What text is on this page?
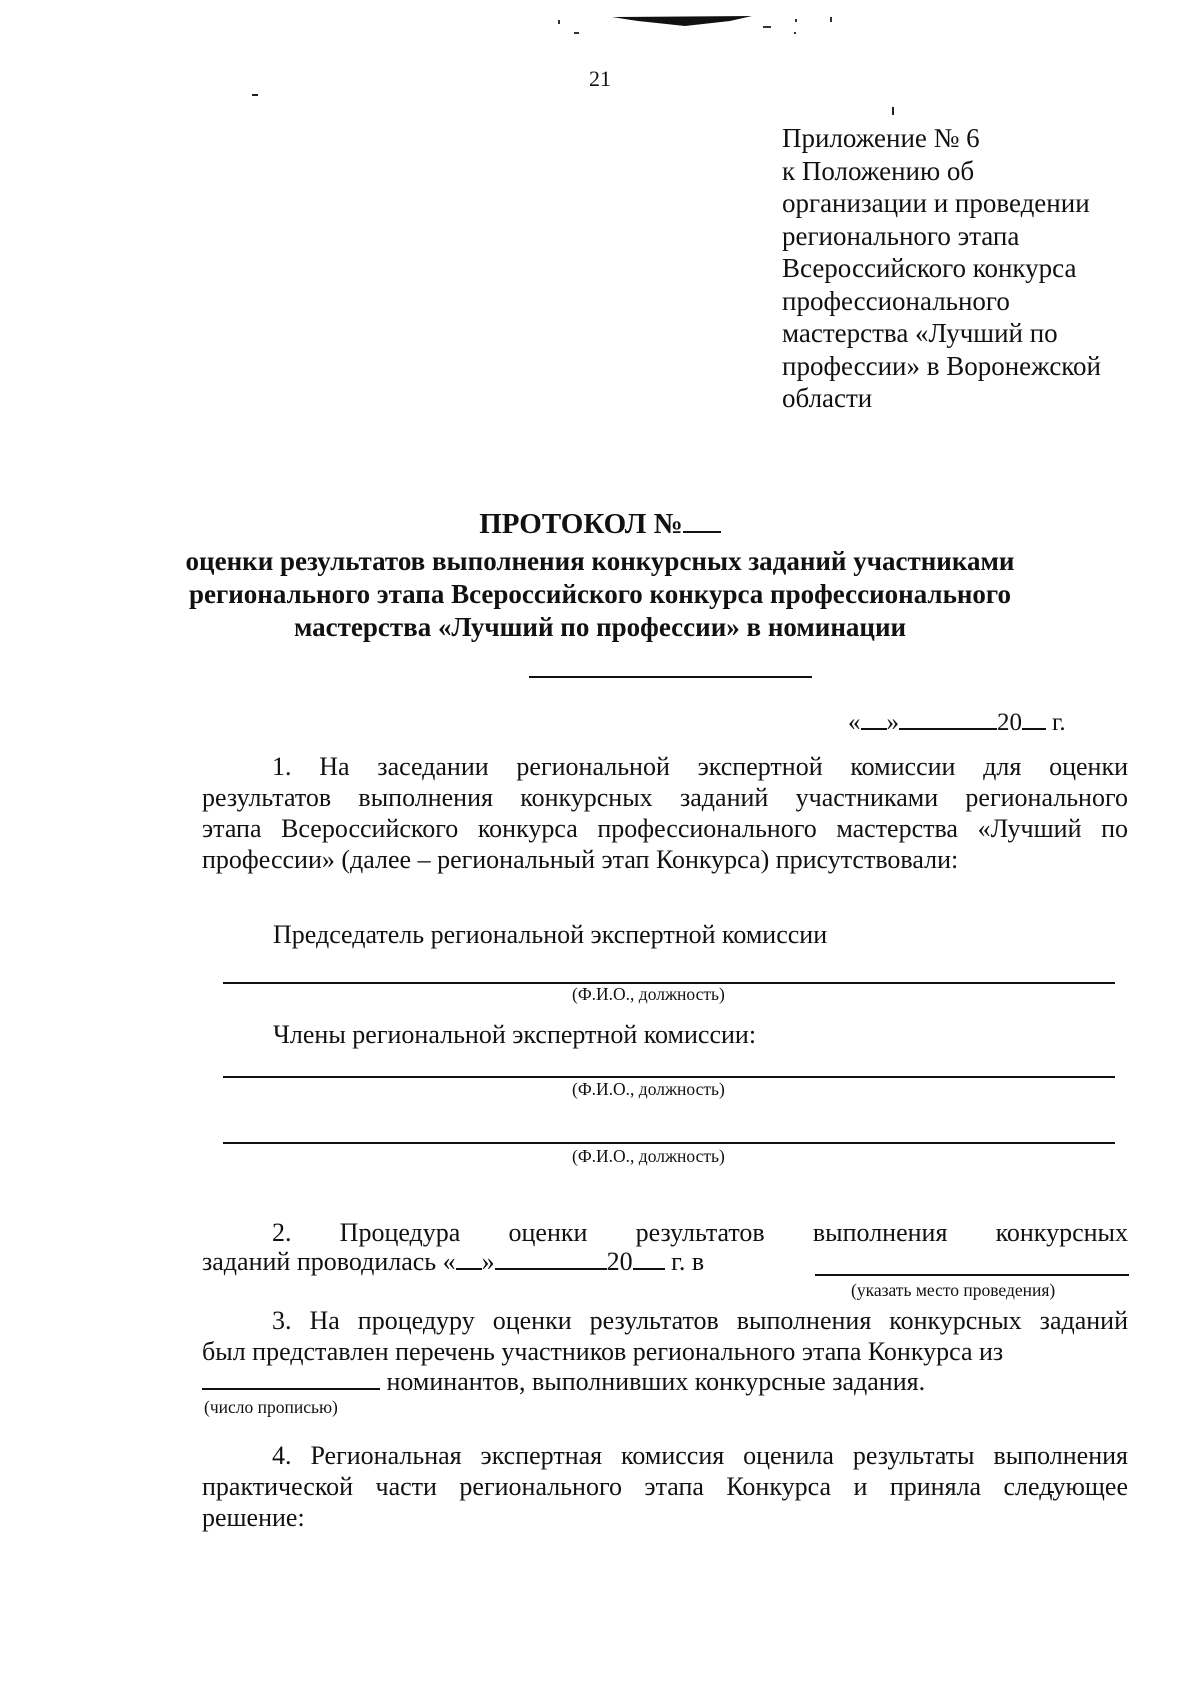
21
Приложение № 6
к Положению об
организации и проведении
регионального этапа
Всероссийского конкурса
профессионального
мастерства «Лучший по
профессии» в Воронежской
области
ПРОТОКОЛ №
оценки результатов выполнения конкурсных заданий участниками
регионального этапа Всероссийского конкурса профессионального
мастерства «Лучший по профессии» в номинации
« »	20 г.
1. На заседании региональной экспертной комиссии для оценки
результатов выполнения конкурсных заданий участниками регионального
этапа Всероссийского конкурса профессионального мастерства «Лучший по
профессии» (далее – региональный этап Конкурса) присутствовали:
Председатель региональной экспертной комиссии
(Ф.И.О., должность)
Члены региональной экспертной комиссии:
(Ф.И.О., должность)
(Ф.И.О., должность)
2. Процедура оценки результатов выполнения конкурсных
заданий проводилась « »	20 г. в
(указать место проведения)
3. На процедуру оценки результатов выполнения конкурсных заданий
был представлен перечень участников регионального этапа Конкурса из
номинантов, выполнивших конкурсные задания.
(число прописью)
4. Региональная экспертная комиссия оценила результаты выполнения
практической части регионального этапа Конкурса и приняла следующее
решение:
